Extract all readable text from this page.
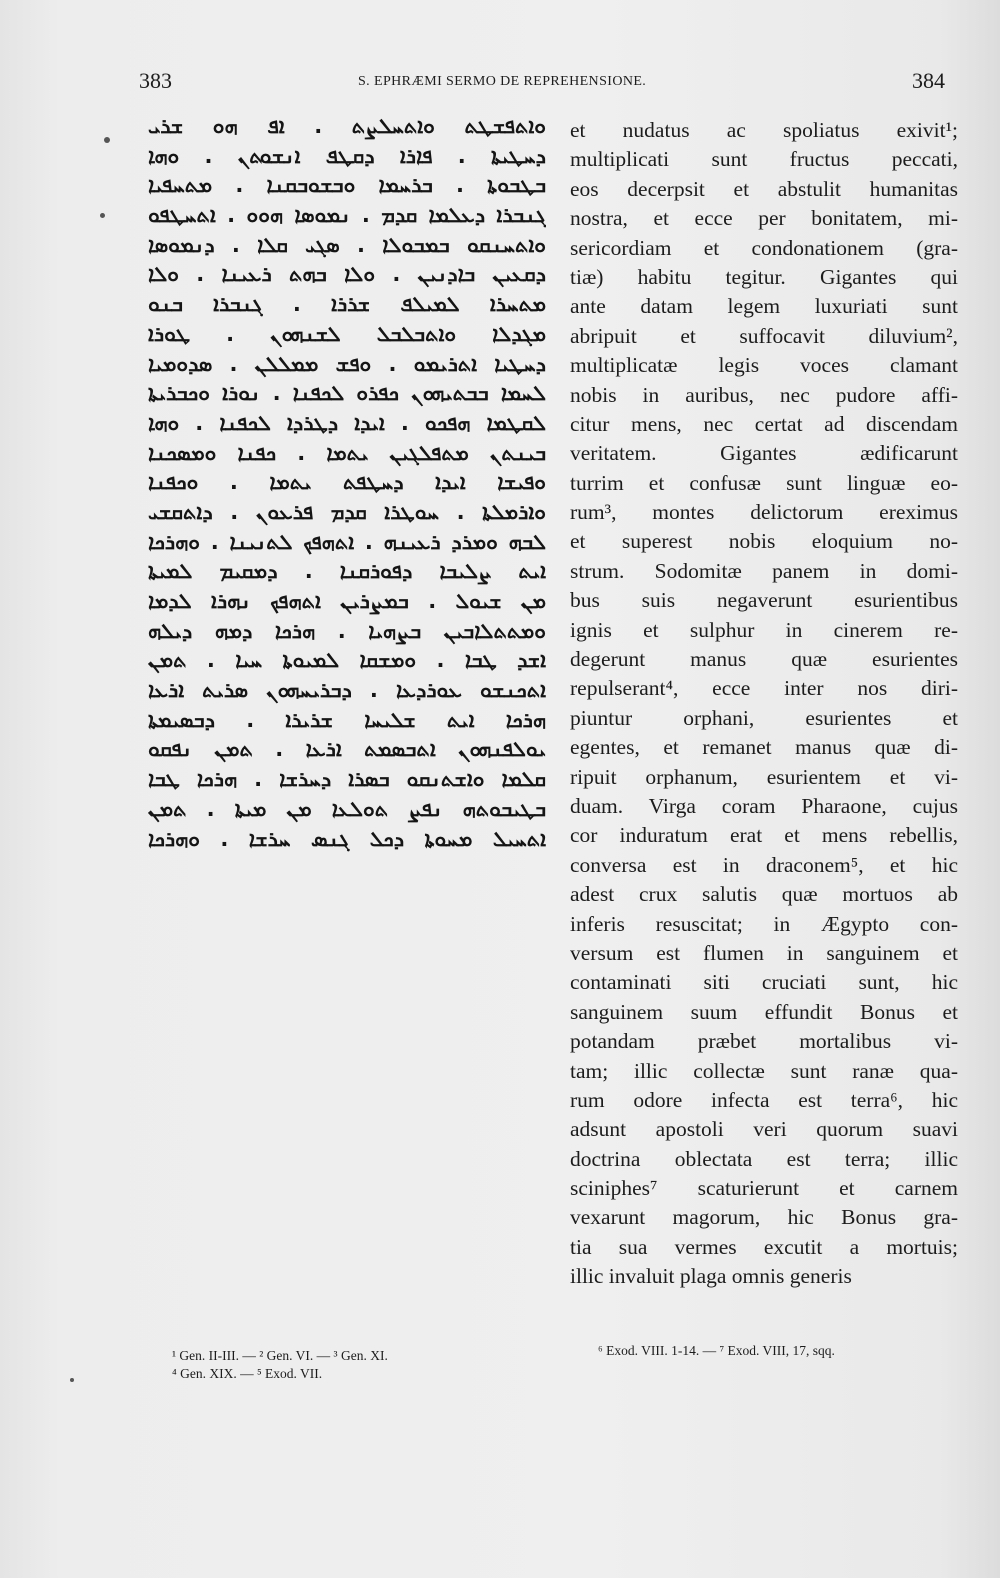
383	S. EPHRÆMI SERMO DE REPREHENSIONE.	384
ܘܐܬܦܫܛܬ ܘܐܬܚܠܨܬ . ܐܦ ܗܘ ܫܪܝ
ܕܚܛܝܬܐ . ܦܐܪܐ ܕܩܛܦ ܐܢܫܘܬܢ . ܘܗܐ
ܒܛܒܘܬܐ . ܒܪܚܡܐ ܘܒܫܘܒܩܢܐ . ܡܬܚܦܝܐ
ܓܢܒܪܐ ܕܥܠܡܐ ܩܕܡ . ܢܡܘܣܐ ܗܘܘ . ܐܬܚܛܦܘ
ܘܐܬܚܢܩܘ ܒܡܒܘܠܐ . ܣܓܝ ܩܠܐ . ܕܢܡܘܣܐ
ܕܩܥܝܢ ܒܐܕܢܝܢ . ܘܠܐ ܒܗܬ ܪܥܝܢܐ . ܘܠܐ
ܡܬܚܪܐ ܠܡܝܠܦ ܫܪܪܐ . ܓܢܒܪܐ ܒܢܘ
ܡܓܕܠܐ ܘܐܬܒܠܒܠ ܠܫܢܗܘܢ . ܛܘܪܐ
ܕܚܛܝܐ ܐܬܪܝܡܘ . ܘܦܫ ܡܡܠܠܢ . ܣܕܘܡܝܐ
ܠܚܡܐ ܒܒܬܝܗܘܢ ܟܦܪܘ ܠܟܦܢܐ . ܢܘܪܐ ܘܟܒܪܝܬܐ
ܠܩܛܡܐ ܗܦܟܘ . ܐܝܕܐ ܕܛܪܕܐ ܠܟܦܢܐ . ܘܗܐ
ܒܝܢܬܢ ܡܬܦܠܓܝܢ ܝܬܡܐ . ܟܦܢܐ ܘܡܣܟܢܐ
ܘܦܝܫܐ ܐܝܕܐ ܕܚܛܦܬ ܝܬܡܐ . ܘܟܦܢܐ
ܘܐܪܡܠܬܐ . ܚܘܛܪܐ ܩܕܡ ܦܪܥܘܢ . ܕܐܬܩܫܝ
ܠܒܗ ܘܡܪܕ ܪܥܝܢܗ . ܐܬܗܦܟ ܠܬܢܝܢܐ . ܘܗܪܟܐ
ܐܝܬ ܨܠܝܒܐ ܕܦܘܪܩܢܐ . ܕܡܩܝܡ ܠܡܝܬܐ
ܡܢ ܫܝܘܠ . ܒܡܨܪܝܢ ܐܬܗܦܟ ܢܗܪܐ ܠܕܡܐ
ܘܡܬܬܠܐܒܝܢ ܒܨܗܝܐ . ܗܪܟܐ ܕܡܗ ܕܝܠܗ
ܐܫܕ ܛܒܐ . ܘܡܫܩܐ ܠܡܝܘܬܐ ܚܝܐ . ܬܡܢ
ܐܬܟܢܫܘ ܥܘܪܕܥܐ . ܕܒܪܝܚܗܘܢ ܣܪܝܬ ܐܪܥܐ
ܗܪܟܐ ܐܝܬ ܫܠܝܚܐ ܫܪܝܪܐ . ܕܒܣܝܡܬܐ
ܝܘܠܦܢܗܘܢ ܐܬܒܣܡܬ ܐܪܥܐ . ܬܡܢ ܢܦܩܘ
ܩܠܡܐ ܘܐܫܬܢܩܘ ܒܣܪܐ ܕܚܪܫܐ . ܗܪܟܐ ܛܒܐ
ܒܛܝܒܘܬܗ ܢܦܨ ܬܘܠܥܐ ܡܢ ܡܝܬܐ . ܬܡܢ
ܐܬܚܝܠ ܡܚܘܬܐ ܕܟܠ ܓܢܣ ܚܪܫܐ . ܘܗܪܟܐ
et nudatus ac spoliatus exivit¹;
multiplicati sunt fructus peccati,
eos decerpsit et abstulit humanitas
nostra, et ecce per bonitatem, mi-
sericordiam et condonationem (gra-
tiæ) habitu tegitur. Gigantes qui
ante datam legem luxuriati sunt
abripuit et suffocavit diluvium²,
multiplicatæ legis voces clamant
nobis in auribus, nec pudore affi-
citur mens, nec certat ad discendam
veritatem. Gigantes ædificarunt
turrim et confusæ sunt linguæ eo-
rum³, montes delictorum ereximus
et superest nobis eloquium no-
strum. Sodomitæ panem in domi-
bus suis negaverunt esurientibus
ignis et sulphur in cinerem re-
degerunt manus quæ esurientes
repulserant⁴, ecce inter nos diri-
piuntur orphani, esurientes et
egentes, et remanet manus quæ di-
ripuit orphanum, esurientem et vi-
duam. Virga coram Pharaone, cujus
cor induratum erat et mens rebellis,
conversa est in draconem⁵, et hic
adest crux salutis quæ mortuos ab
inferis resuscitat; in Ægypto con-
versum est flumen in sanguinem et
contaminati siti cruciati sunt, hic
sanguinem suum effundit Bonus et
potandam præbet mortalibus vi-
tam; illic collectæ sunt ranæ qua-
rum odore infecta est terra⁶, hic
adsunt apostoli veri quorum suavi
doctrina oblectata est terra; illic
sciniphes⁷ scaturierunt et carnem
vexarunt magorum, hic Bonus gra-
tia sua vermes excutit a mortuis;
illic invaluit plaga omnis generis
¹ Gen. II-III. — ² Gen. VI. — ³ Gen. XI.
⁴ Gen. XIX. — ⁵ Exod. VII.
⁶ Exod. VIII. 1-14. — ⁷ Exod. VIII, 17, sqq.
